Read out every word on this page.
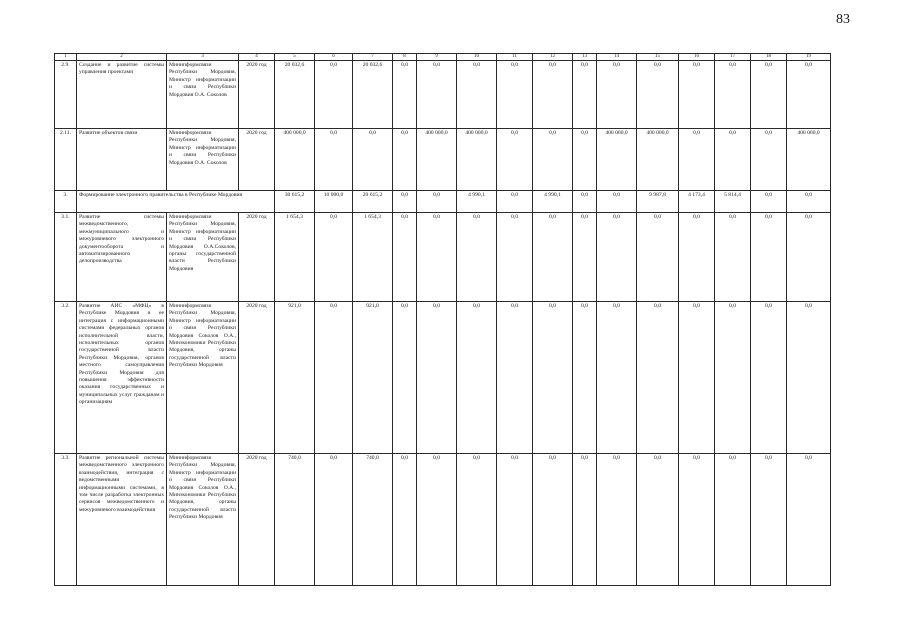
83
1	2	3	4	5	6	7	8	9	10	11	12	13	14	15	16	17	18	19
2.9.	Создание и развитие системы управления проектами	Минипформсвязи Республики Мордовия, Министр информатизации и связи Республики Мордовия О.А. Соколов	2020 год	20 032,6	0,0	20 032,6	0,0	0,0	0,0	0,0	0,0	0,0	0,0	0,0	0,0	0,0	0,0	0,0
2.11.	Развитие объектов связи	Мининформсвязи Республики Мордовия, Министр информатизации и связи Республики Мордовия О.А. Соколов	2020 год	400 000,0	0,0	0,0	0,0	400 000,0	400 000,0	0,0	0,0	0,0	400 000,0	400 000,0	0,0	0,0	0,0	400 000,0
3.	Формирование электронного правительства в Республике Мордовия			30 615,2	10 000,0	20 615,2	0,0	0,0	4 990,1	0,0	4 990,1	0,0	0,0	9 987,8	4 173,4	5 814,4	0,0	0,0
3.1.	Развитие системы межведомственного, межмуниципального и межуровневого электронного документооборота и автоматизированного делопроизводства	Мининформсвязи Республики Мордовия, Министр информатизации и связи Республики Мордовия О.А.Соколов, органы государственной власти Республики Мордовия	2020 год	1 654,3	0,0	1 654,3	0,0	0,0	0,0	0,0	0,0	0,0	0,0	0,0	0,0	0,0	0,0	0,0
3.2.	Развитие АИС «МФЦ» в Республике Мордовия и ее интеграция с информационными системами федеральных органов исполнительной власти, исполнительных органов государственной власти Республики Мордовия, органов местного самоуправления Республики Мордовия для повышения эффективности оказания государственных и муниципальных услуг гражданам и организациям	Мининформсвязи Республики Мордовия, Министр информатизации и связи Республики Мордовия Соколов О.А., Минэкономики Республики Мордовия, органы государственной власти Республики Мордовия	2020 год	921,0	0,0	921,0	0,0	0,0	0,0	0,0	0,0	0,0	0,0	0,0	0,0	0,0	0,0	0,0
3.3.	Развитие региональной системы межведомственного электронного взаимодействия, интеграция с ведомственными информационными системами, в том числе разработка электронных сервисов межведомственного и межуровневого взаимодействия	Мининформсвязи Республики Мордовия, Министр информатизации и связи Республики Мордовия Соколов О.А., Минэкономики Республики Мордовия, органы государственной власти Республики Мордовия	2020 год	740,0	0,0	740,0	0,0	0,0	0,0	0,0	0,0	0,0	0,0	0,0	0,0	0,0	0,0	0,0
